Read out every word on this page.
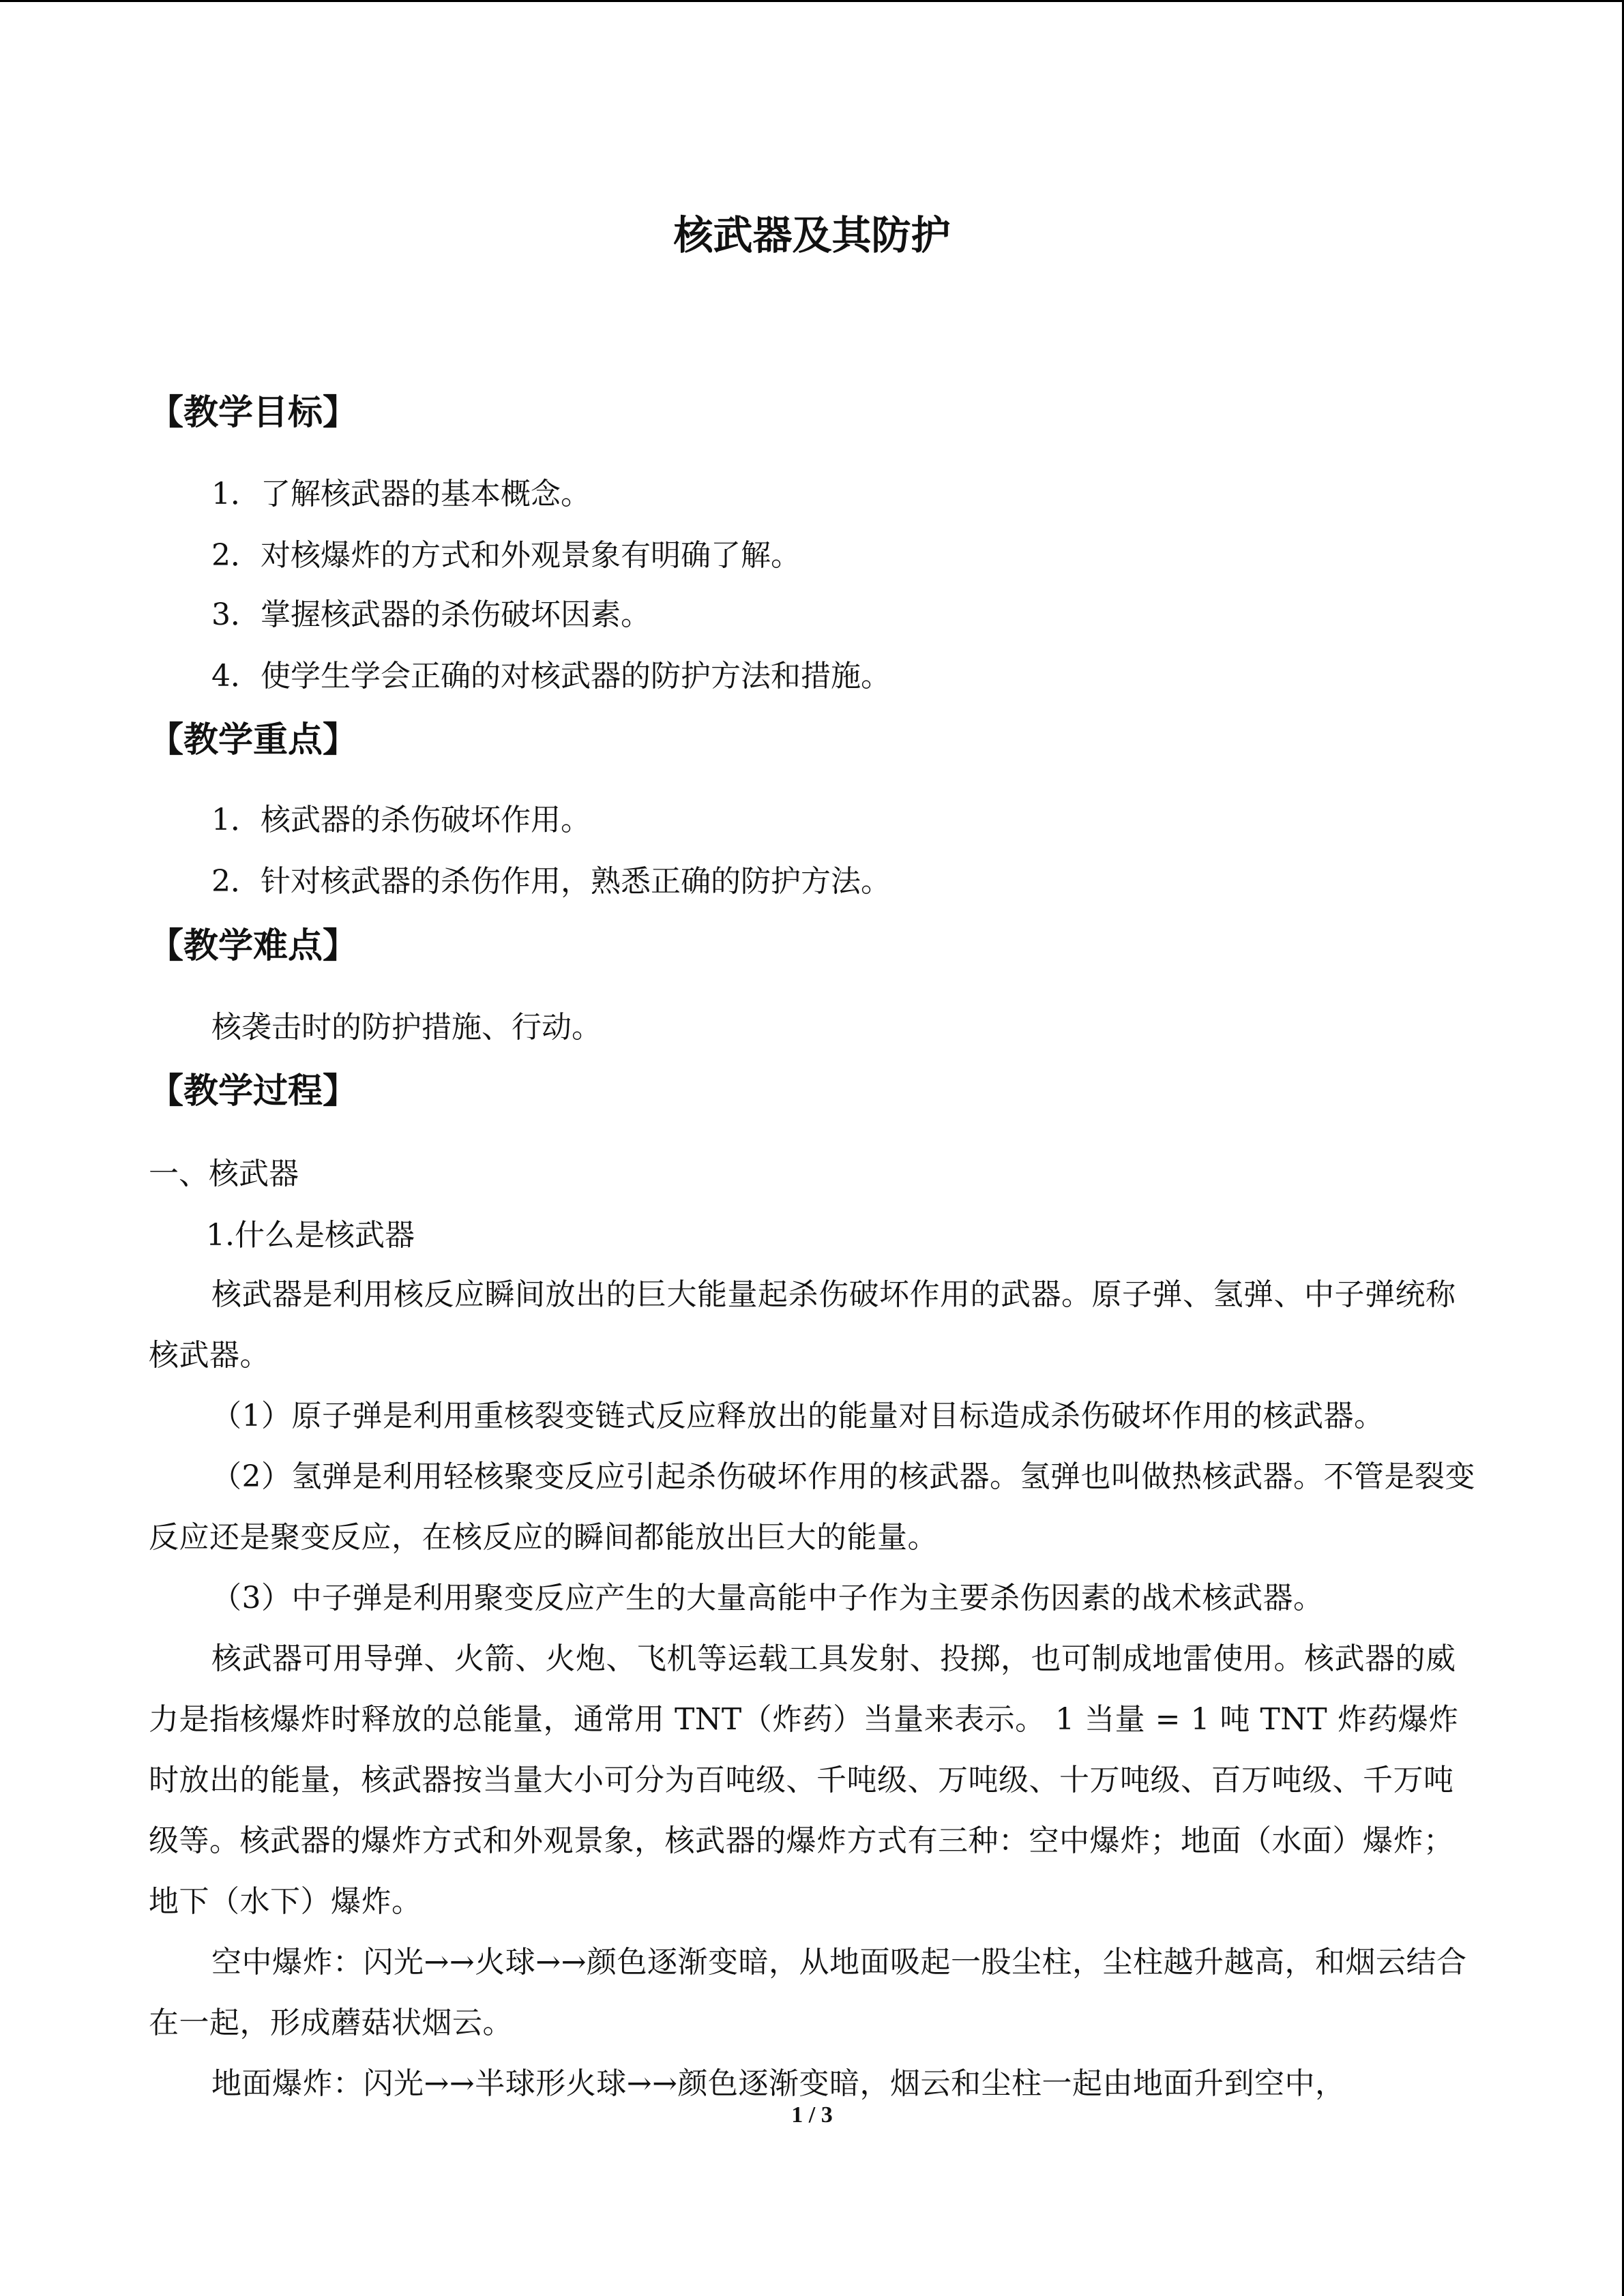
核武器及其防护
【教学目标】
1．了解核武器的基本概念。
2．对核爆炸的方式和外观景象有明确了解。
3．掌握核武器的杀伤破坏因素。
4．使学生学会正确的对核武器的防护方法和措施。
【教学重点】
1．核武器的杀伤破坏作用。
2．针对核武器的杀伤作用，熟悉正确的防护方法。
【教学难点】
核袭击时的防护措施、行动。
【教学过程】
一、核武器
1.什么是核武器
核武器是利用核反应瞬间放出的巨大能量起杀伤破坏作用的武器。原子弹、氢弹、中子弹统称核武器。
（1）原子弹是利用重核裂变链式反应释放出的能量对目标造成杀伤破坏作用的核武器。
（2）氢弹是利用轻核聚变反应引起杀伤破坏作用的核武器。氢弹也叫做热核武器。不管是裂变反应还是聚变反应，在核反应的瞬间都能放出巨大的能量。
（3）中子弹是利用聚变反应产生的大量高能中子作为主要杀伤因素的战术核武器。
核武器可用导弹、火箭、火炮、飞机等运载工具发射、投掷，也可制成地雷使用。核武器的威力是指核爆炸时释放的总能量，通常用 TNT（炸药）当量来表示。 1 当量 = 1 吨 TNT 炸药爆炸时放出的能量，核武器按当量大小可分为百吨级、千吨级、万吨级、十万吨级、百万吨级、千万吨级等。核武器的爆炸方式和外观景象，核武器的爆炸方式有三种：空中爆炸；地面（水面）爆炸；地下（水下）爆炸。
空中爆炸：闪光→→火球→→颜色逐渐变暗，从地面吸起一股尘柱，尘柱越升越高，和烟云结合在一起，形成蘑菇状烟云。
地面爆炸：闪光→→半球形火球→→颜色逐渐变暗，烟云和尘柱一起由地面升到空中，
1 / 3
